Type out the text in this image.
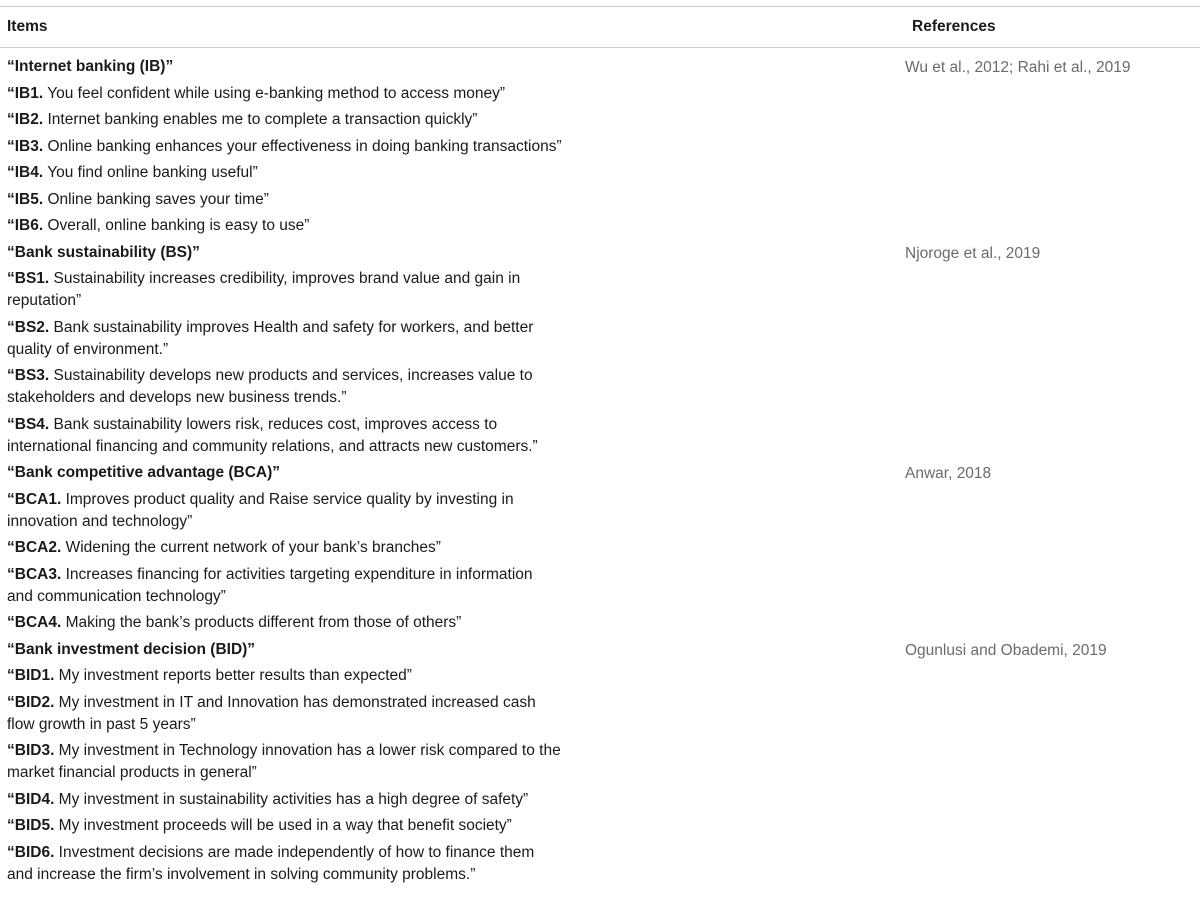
Items	References
“Internet banking (IB)”
“IB1. You feel confident while using e-banking method to access money”
“IB2. Internet banking enables me to complete a transaction quickly”
“IB3. Online banking enhances your effectiveness in doing banking transactions”
“IB4. You find online banking useful”
“IB5. Online banking saves your time”
“IB6. Overall, online banking is easy to use”
Wu et al., 2012; Rahi et al., 2019
“Bank sustainability (BS)”
“BS1. Sustainability increases credibility, improves brand value and gain in reputation”
“BS2. Bank sustainability improves Health and safety for workers, and better quality of environment.”
“BS3. Sustainability develops new products and services, increases value to stakeholders and develops new business trends.”
“BS4. Bank sustainability lowers risk, reduces cost, improves access to international financing and community relations, and attracts new customers.”
Njoroge et al., 2019
“Bank competitive advantage (BCA)”
“BCA1. Improves product quality and Raise service quality by investing in innovation and technology”
“BCA2. Widening the current network of your bank’s branches”
“BCA3. Increases financing for activities targeting expenditure in information and communication technology”
“BCA4. Making the bank’s products different from those of others”
Anwar, 2018
“Bank investment decision (BID)”
“BID1. My investment reports better results than expected”
“BID2. My investment in IT and Innovation has demonstrated increased cash flow growth in past 5 years”
“BID3. My investment in Technology innovation has a lower risk compared to the market financial products in general”
“BID4. My investment in sustainability activities has a high degree of safety”
“BID5. My investment proceeds will be used in a way that benefit society”
“BID6. Investment decisions are made independently of how to finance them and increase the firm’s involvement in solving community problems.”
Ogunlusi and Obademi, 2019
